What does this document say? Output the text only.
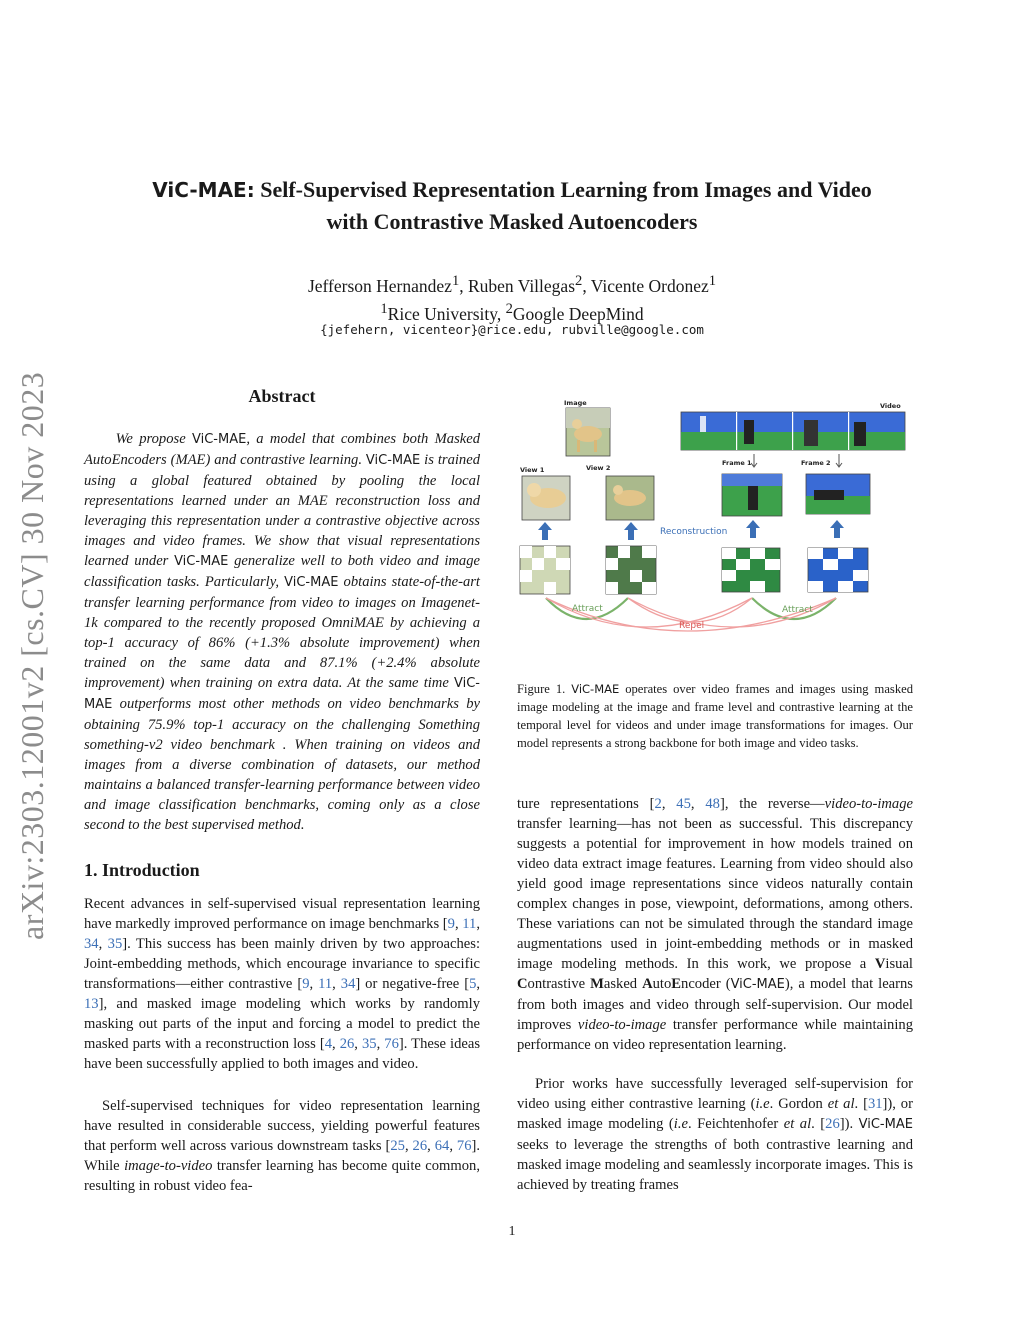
arXiv:2303.12001v2 [cs.CV] 30 Nov 2023
ViC-MAE: Self-Supervised Representation Learning from Images and Video
with Contrastive Masked Autoencoders
Jefferson Hernandez$^1$, Ruben Villegas$^2$, Vicente Ordonez$^1$
$^1$Rice University, $^2$Google DeepMind
{jefehern, vicenteor}@rice.edu, rubville@google.com
Abstract
We propose ViC-MAE, a model that combines both Masked AutoEncoders (MAE) and contrastive learning. ViC-MAE is trained using a global featured obtained by pooling the local representations learned under an MAE reconstruction loss and leveraging this representation under a contrastive objective across images and video frames. We show that visual representations learned under ViC-MAE generalize well to both video and image classification tasks. Particularly, ViC-MAE obtains state-of-the-art transfer learning performance from video to images on Imagenet-1k compared to the recently proposed OmniMAE by achieving a top-1 accuracy of 86% (+1.3% absolute improvement) when trained on the same data and 87.1% (+2.4% absolute improvement) when training on extra data. At the same time ViC-MAE outperforms most other methods on video benchmarks by obtaining 75.9% top-1 accuracy on the challenging Something something-v2 video benchmark . When training on videos and images from a diverse combination of datasets, our method maintains a balanced transfer-learning performance between video and image classification benchmarks, coming only as a close second to the best supervised method.
1. Introduction

Recent advances in self-supervised visual representation learning have markedly improved performance on image benchmarks [9, 11, 34, 35]. This success has been mainly driven by two approaches: Joint-embedding methods, which encourage invariance to specific transformations—either contrastive [9, 11, 34] or negative-free [5, 13], and masked image modeling which works by randomly masking out parts of the input and forcing a model to predict the masked parts with a reconstruction loss [4, 26, 35, 76]. These ideas have been successfully applied to both images and video.

Self-supervised techniques for video representation learning have resulted in considerable success, yielding powerful features that perform well across various downstream tasks [25, 26, 64, 76]. While image-to-video transfer learning has become quite common, resulting in robust video fea-

Image	Video
View 1	View 2
Frame 1	Frame 2
Reconstruction
Attract	Attract
Repel
Figure 1. ViC-MAE operates over video frames and images using masked image modeling at the image and frame level and contrastive learning at the temporal level for videos and under image transformations for images. Our model represents a strong backbone for both image and video tasks.

ture representations [2, 45, 48], the reverse—video-to-image transfer learning—has not been as successful. This discrepancy suggests a potential for improvement in how models trained on video data extract image features. Learning from video should also yield good image representations since videos naturally contain complex changes in pose, viewpoint, deformations, among others. These variations can not be simulated through the standard image augmentations used in joint-embedding methods or in masked image modeling methods. In this work, we propose a Visual Contrastive Masked AutoEncoder (ViC-MAE), a model that learns from both images and video through self-supervision. Our model improves video-to-image transfer performance while maintaining performance on video representation learning.

Prior works have successfully leveraged self-supervision for video using either contrastive learning (i.e. Gordon et al. [31]), or masked image modeling (i.e. Feichtenhofer et al. [26]). ViC-MAE seeks to leverage the strengths of both contrastive learning and masked image modeling and seamlessly incorporate images. This is achieved by treating frames

1
